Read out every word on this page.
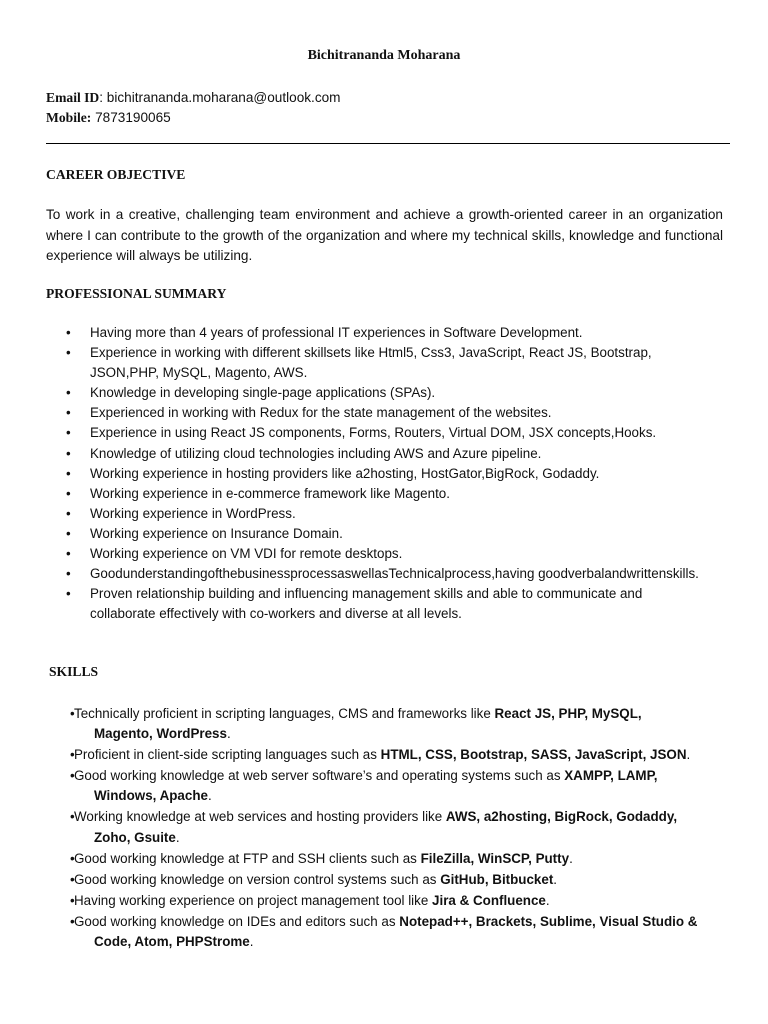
Bichitrananda Moharana
Email ID: bichitrananda.moharana@outlook.com
Mobile: 7873190065
CAREER OBJECTIVE
To work in a creative, challenging team environment and achieve a growth-oriented career in an organization where I can contribute to the growth of the organization and where my technical skills, knowledge and functional experience will always be utilizing.
PROFESSIONAL SUMMARY
• Having more than 4 years of professional IT experiences in Software Development.
• Experience in working with different skillsets like Html5, Css3, JavaScript, React JS, Bootstrap, JSON,PHP, MySQL, Magento, AWS.
• Knowledge in developing single-page applications (SPAs).
• Experienced in working with Redux for the state management of the websites.
• Experience in using React JS components, Forms, Routers, Virtual DOM, JSX concepts,Hooks.
• Knowledge of utilizing cloud technologies including AWS and Azure pipeline.
• Working experience in hosting providers like a2hosting, HostGator,BigRock, Godaddy.
• Working experience in e-commerce framework like Magento.
• Working experience in WordPress.
• Working experience on Insurance Domain.
• Working experience on VM VDI for remote desktops.
• Goodunderstandingofthebusinessprocessaswellas​Technicalprocess,having goodverbalandwrittenskills.
• Proven relationship building and influencing management skills and able to communicate and collaborate effectively with co-workers and diverse at all levels.
SKILLS
• Technically proficient in scripting languages, CMS and frameworks like React JS, PHP, MySQL,
Magento, WordPress.
• Proficient in client-side scripting languages such as HTML, CSS, Bootstrap, SASS, JavaScript, JSON.
• Good working knowledge at web server software’s and operating systems such as XAMPP, LAMP,
Windows, Apache.
• Working knowledge at web services and hosting providers like AWS, a2hosting, BigRock, Godaddy,
Zoho, Gsuite.
• Good working knowledge at FTP and SSH clients such as FileZilla, WinSCP, Putty.
• Good working knowledge on version control systems such as GitHub, Bitbucket.
• Having working experience on project management tool like Jira & Confluence.
• Good working knowledge on IDEs and editors such as Notepad++, Brackets, Sublime, Visual Studio &
Code, Atom, PHPStrome.
